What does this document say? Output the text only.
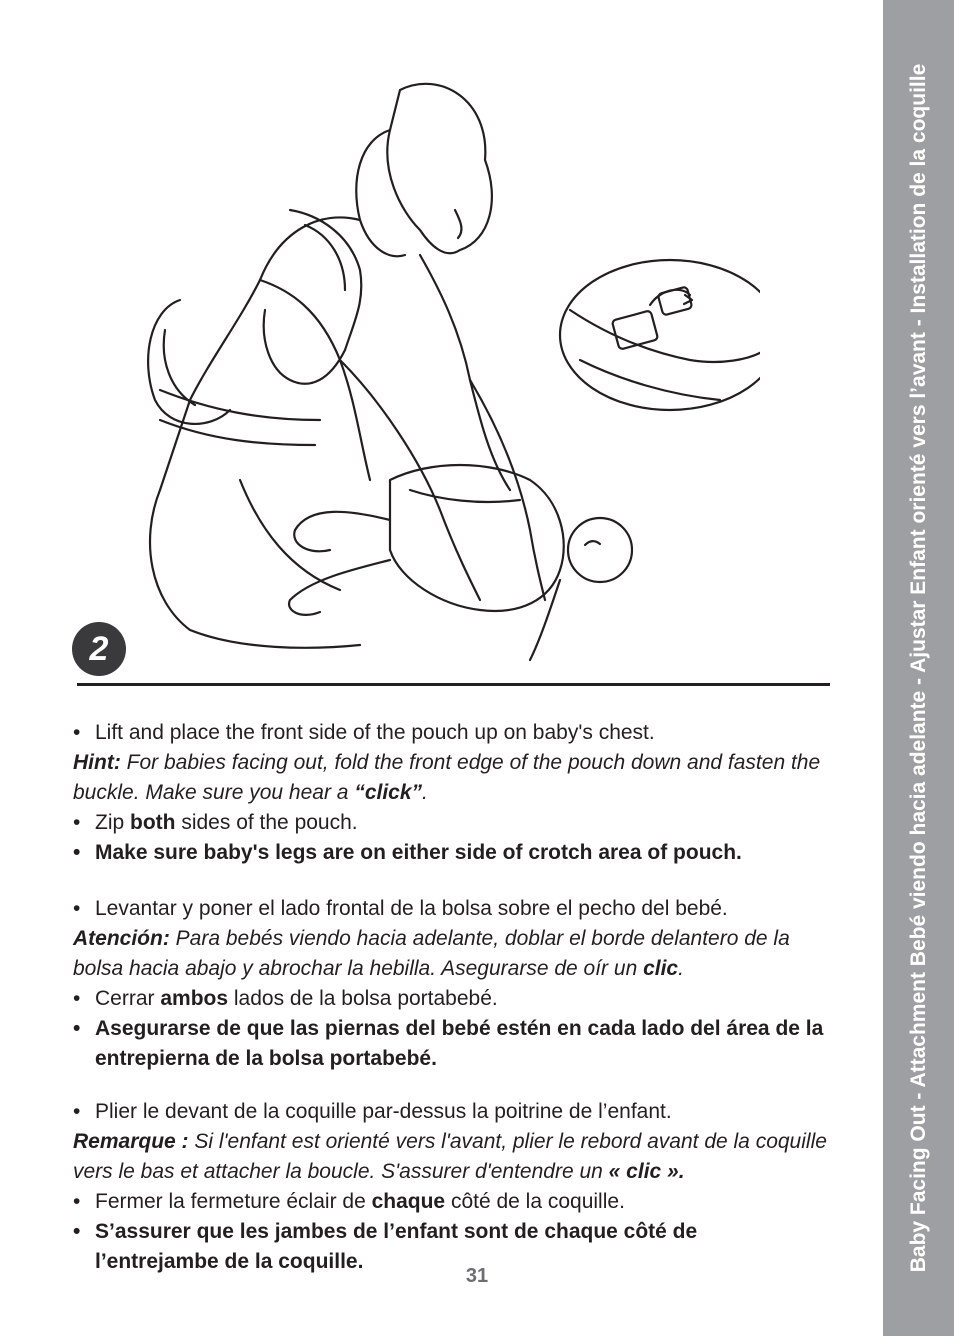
Baby Facing Out - Attachment Bebé viendo hacia adelante - Ajustar Enfant orienté vers l’avant - Installation de la coquille
2

• Lift and place the front side of the pouch up on baby's chest.

Hint: For babies facing out, fold the front edge of the pouch down and fasten the buckle. Make sure you hear a “click”.

• Zip both sides of the pouch.

• Make sure baby's legs are on either side of crotch area of pouch.

• Levantar y poner el lado frontal de la bolsa sobre el pecho del bebé.

Atención: Para bebés viendo hacia adelante, doblar el borde delantero de la bolsa hacia abajo y abrochar la hebilla. Asegurarse de oír un clic.

• Cerrar ambos lados de la bolsa portabebé.

• Asegurarse de que las piernas del bebé estén en cada lado del área de la entrepierna de la bolsa portabebé.

• Plier le devant de la coquille par-dessus la poitrine de l’enfant.

Remarque : Si l'enfant est orienté vers l'avant, plier le rebord avant de la coquille vers le bas et attacher la boucle. S'assurer d'entendre un « clic ».

• Fermer la fermeture éclair de chaque côté de la coquille.

• S’assurer que les jambes de l’enfant sont de chaque côté de l’entrejambe de la coquille.

31
